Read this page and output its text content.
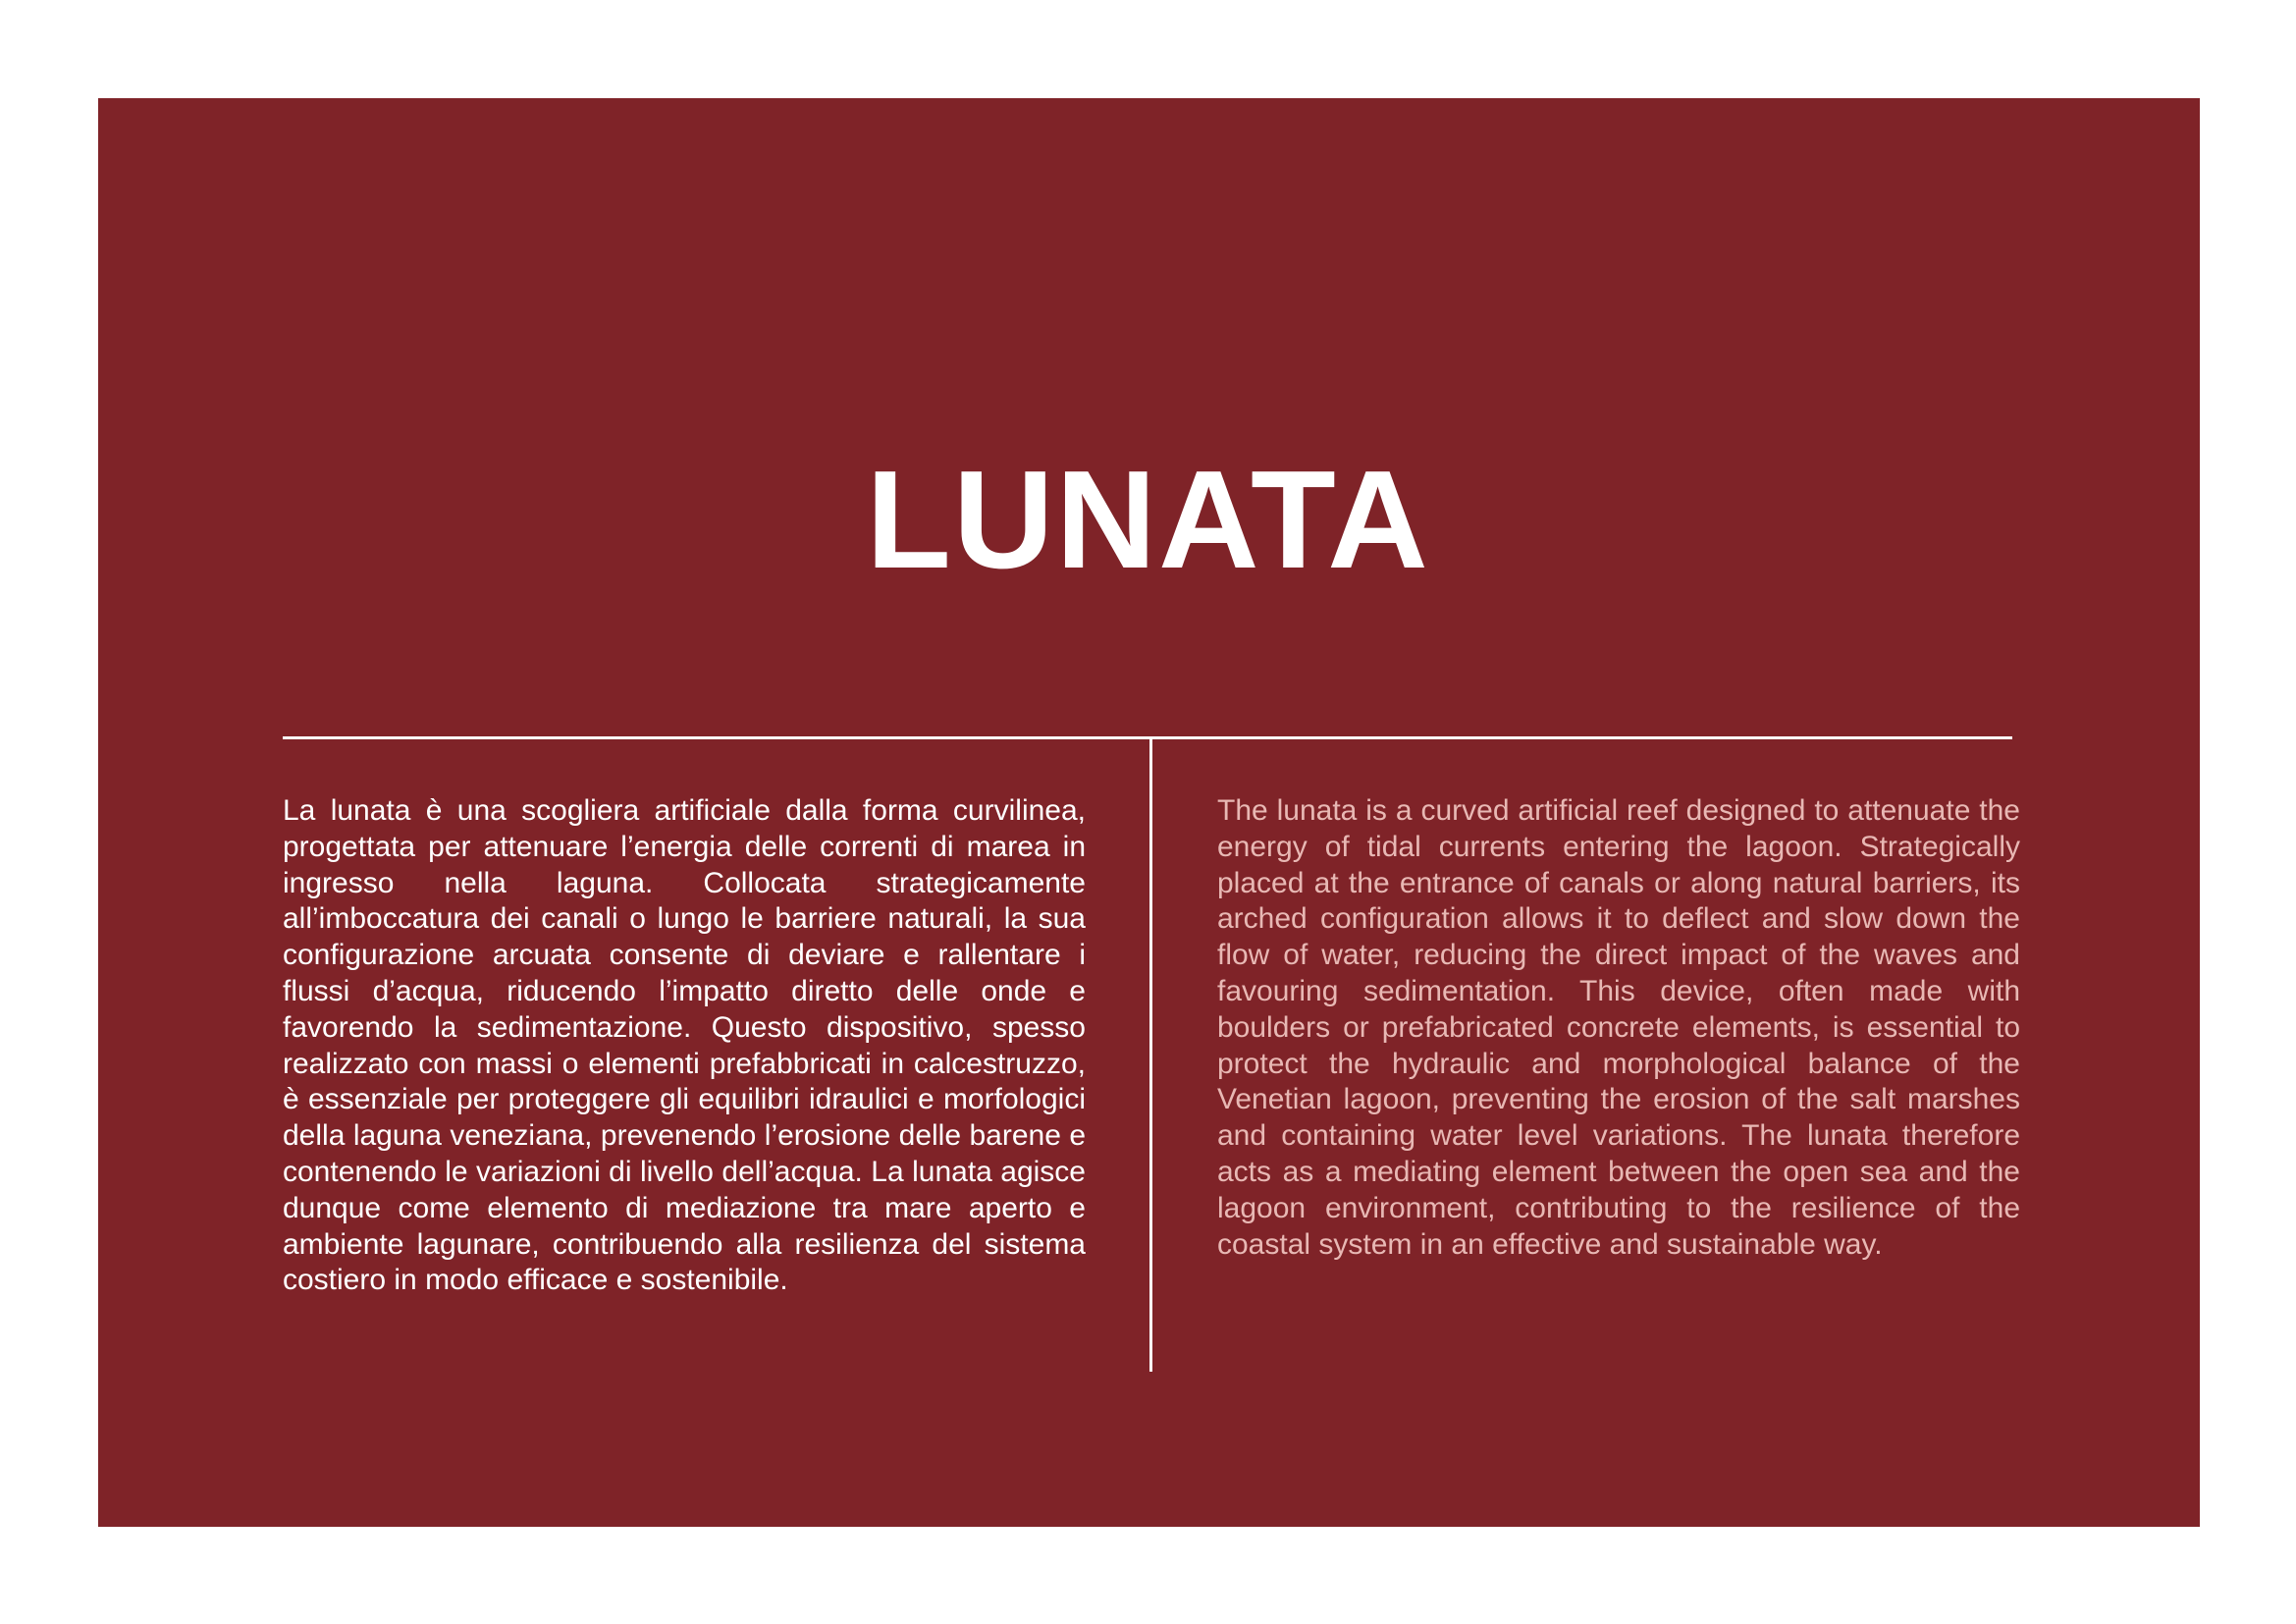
LUNATA

La lunata è una scogliera artificiale dalla forma curvilinea, progettata per attenuare l’energia delle correnti di marea in ingresso nella laguna. Collocata strategicamente all’imboccatura dei canali o lungo le barriere naturali, la sua configurazione arcuata consente di deviare e rallentare i flussi d’acqua, riducendo l’impatto diretto delle onde e favorendo la sedimentazione. Questo dispositivo, spesso realizzato con massi o elementi prefabbricati in calcestruzzo, è essenziale per proteggere gli equilibri idraulici e morfologici della laguna veneziana, prevenendo l’erosione delle barene e contenendo le variazioni di livello dell’acqua. La lunata agisce dunque come elemento di mediazione tra mare aperto e ambiente lagunare, contribuendo alla resilienza del sistema costiero in modo efficace e sostenibile.

The lunata is a curved artificial reef designed to attenuate the energy of tidal currents entering the lagoon. Strategically placed at the entrance of canals or along natural barriers, its arched configuration allows it to deflect and slow down the flow of water, reducing the direct impact of the waves and favouring sedimentation. This device, often made with boulders or prefabricated concrete elements, is essential to protect the hydraulic and morphological balance of the Venetian lagoon, preventing the erosion of the salt marshes and containing water level variations. The lunata therefore acts as a mediating element between the open sea and the lagoon environment, contributing to the resilience of the coastal system in an effective and sustainable way.
